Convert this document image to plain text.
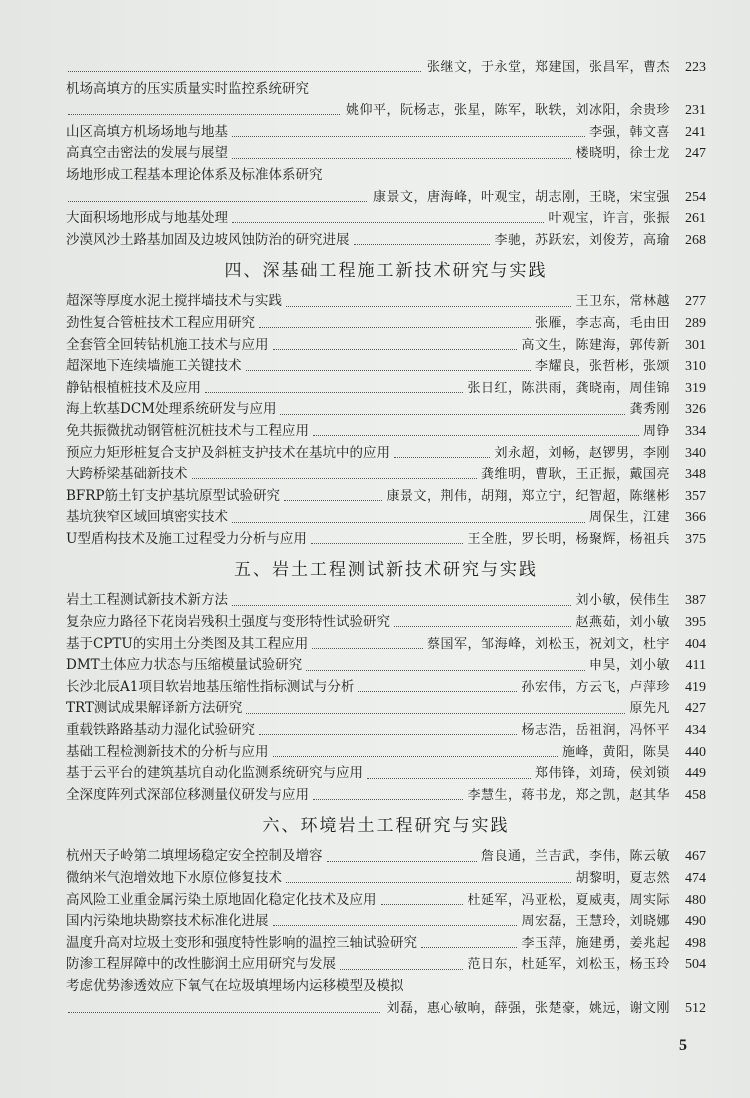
张继文，于永堂，郑建国，张昌军，曹杰	223
机场高填方的压实质量实时监控系统研究
姚仰平，阮杨志，张星，陈军，耿轶，刘冰阳，余贵珍	231
山区高填方机场场地与地基	李强，韩文喜	241
高真空击密法的发展与展望	楼晓明，徐士龙	247
场地形成工程基本理论体系及标准体系研究
康景文，唐海峰，叶观宝，胡志刚，王晓，宋宝强	254
大面积场地形成与地基处理	叶观宝，许言，张振	261
沙漠风沙土路基加固及边坡风蚀防治的研究进展	李驰，苏跃宏，刘俊芳，高瑜	268
四、深基础工程施工新技术研究与实践
超深等厚度水泥土搅拌墙技术与实践	王卫东，常林越	277
劲性复合管桩技术工程应用研究	张雁，李志高，毛由田	289
全套管全回转钻机施工技术与应用	高文生，陈建海，郭传新	301
超深地下连续墙施工关键技术	李耀良，张哲彬，张颂	310
静钻根植桩技术及应用	张日红，陈洪雨，龚晓南，周佳锦	319
海上软基DCM处理系统研发与应用	龚秀刚	326
免共振微扰动钢管桩沉桩技术与工程应用	周铮	334
预应力矩形桩复合支护及斜桩支护技术在基坑中的应用	刘永超，刘畅，赵锣男，李刚	340
大跨桥梁基础新技术	龚维明，曹耿，王正振，戴国亮	348
BFRP筋土钉支护基坑原型试验研究	康景文，荆伟，胡翔，郑立宁，纪智超，陈继彬	357
基坑狭窄区域回填密实技术	周保生，江建	366
U型盾构技术及施工过程受力分析与应用	王全胜，罗长明，杨聚辉，杨祖兵	375
五、岩土工程测试新技术研究与实践
岩土工程测试新技术新方法	刘小敏，侯伟生	387
复杂应力路径下花岗岩残积土强度与变形特性试验研究	赵燕茹，刘小敏	395
基于CPTU的实用土分类图及其工程应用	蔡国军，邹海峰，刘松玉，祝刘文，杜宇	404
DMT土体应力状态与压缩模量试验研究	申昊，刘小敏	411
长沙北辰A1项目软岩地基压缩性指标测试与分析	孙宏伟，方云飞，卢萍珍	419
TRT测试成果解译新方法研究	原先凡	427
重载铁路路基动力湿化试验研究	杨志浩，岳祖润，冯怀平	434
基础工程检测新技术的分析与应用	施峰，黄阳，陈昊	440
基于云平台的建筑基坑自动化监测系统研究与应用	郑伟锋，刘琦，侯刘锁	449
全深度阵列式深部位移测量仪研发与应用	李慧生，蒋书龙，郑之凯，赵其华	458
六、环境岩土工程研究与实践
杭州天子岭第二填埋场稳定安全控制及增容	詹良通，兰吉武，李伟，陈云敏	467
微纳米气泡增效地下水原位修复技术	胡黎明，夏志然	474
高风险工业重金属污染土原地固化稳定化技术及应用	杜延军，冯亚松，夏威夷，周实际	480
国内污染地块勘察技术标准化进展	周宏磊，王慧玲，刘晓娜	490
温度升高对垃圾土变形和强度特性影响的温控三轴试验研究	李玉萍，施建勇，姜兆起	498
防渗工程屏障中的改性膨润土应用研究与发展	范日东，杜延军，刘松玉，杨玉玲	504
考虑优势渗透效应下氧气在垃圾填埋场内运移模型及模拟
刘磊，惠心敏晌，薛强，张楚豪，姚远，谢文刚	512
5
